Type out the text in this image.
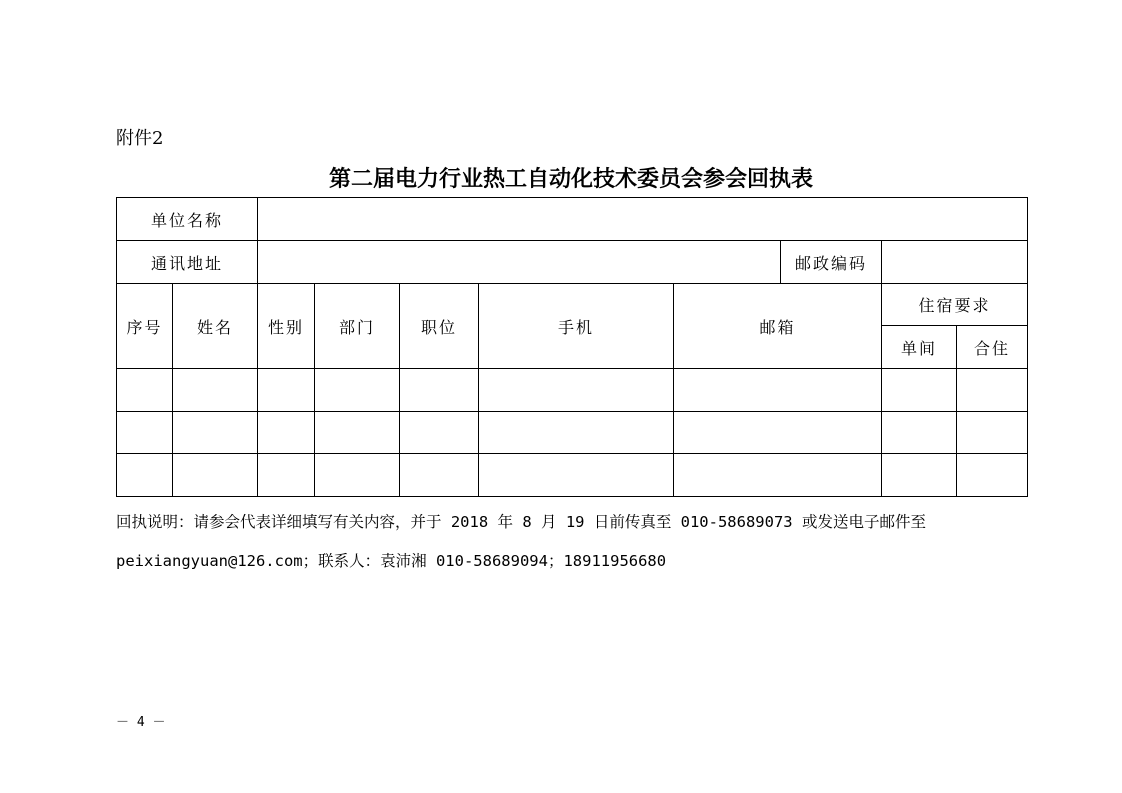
附件2
第二届电力行业热工自动化技术委员会参会回执表
单位名称									
通讯地址							邮政编码		
序号	姓名	性别	部门	职位	手机	邮箱		住宿要求	
								单间	合住

回执说明：请参会代表详细填写有关内容，并于 2018 年 8 月 19 日前传真至 010-58689073 或发送电子邮件至
peixiangyuan@126.com；联系人：袁沛湘 010-58689094；18911956680
－ 4 －
